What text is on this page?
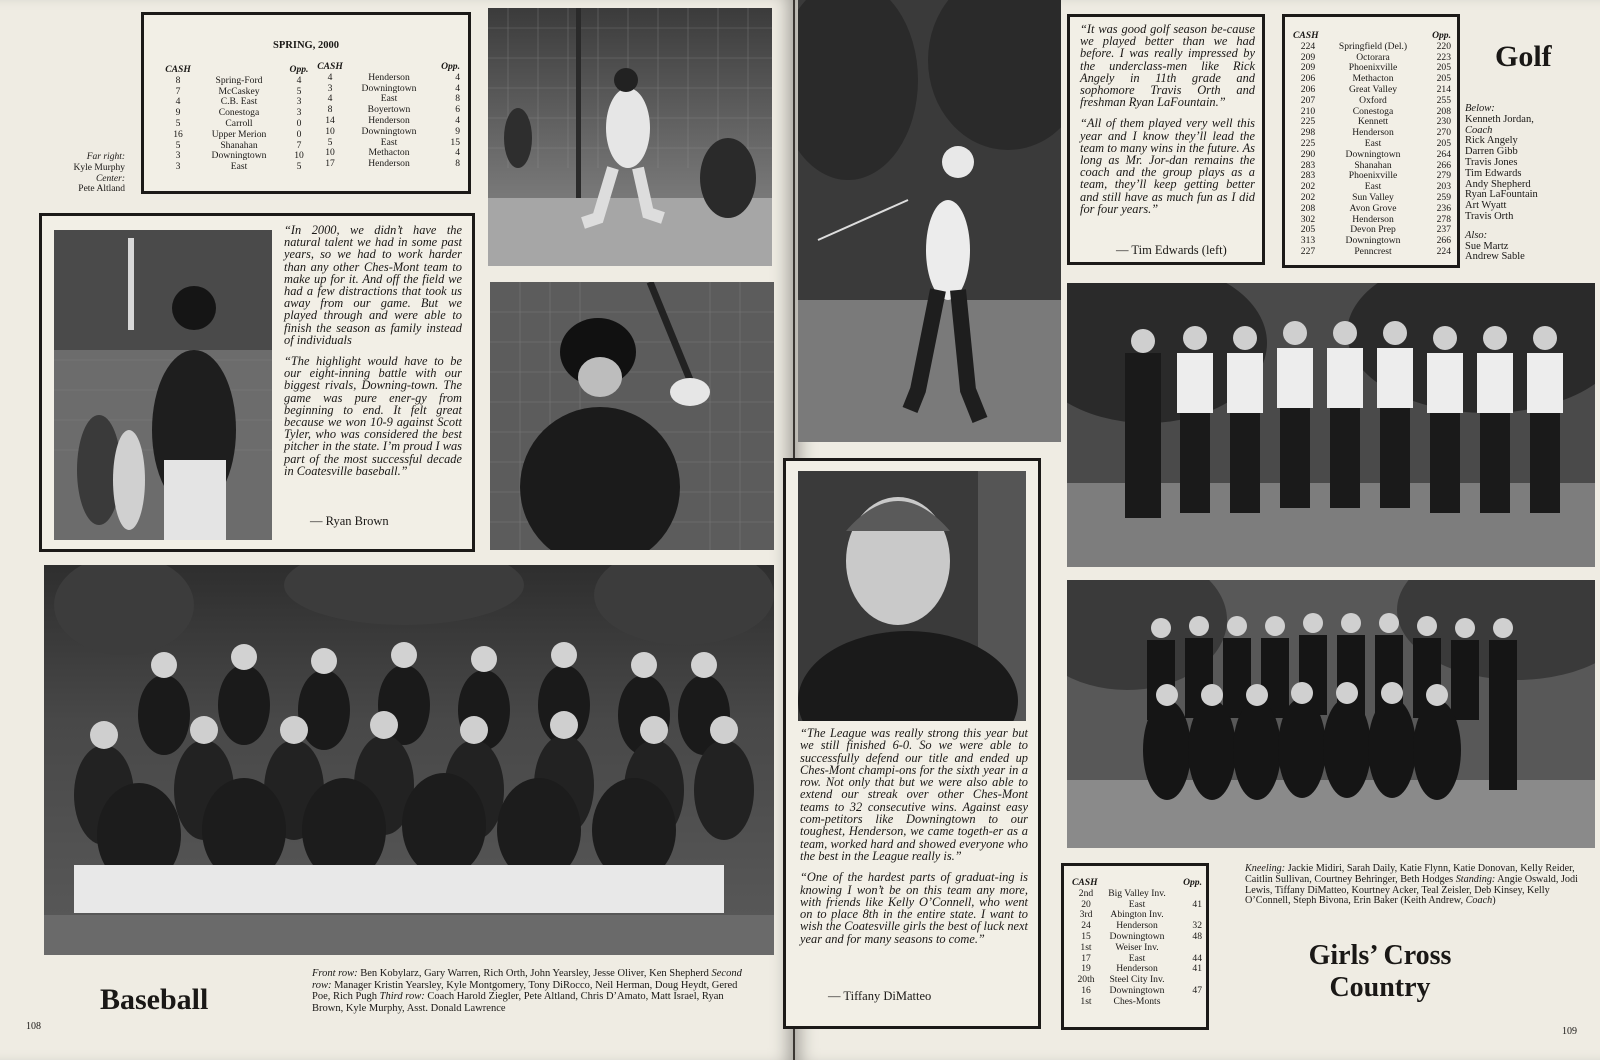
SPRING, 2000
CASH	Opp.
8	Spring-Ford	4
7	McCaskey	5
4	C.B. East	3
9	Conestoga	3
5	Carroll	0
16	Upper Merion	0
5	Shanahan	7
3	Downingtown	10
3	East	5
CASH	Opp.
4	Henderson	4
3	Downingtown	4
4	East	8
8	Boyertown	6
14	Henderson	4
10	Downingtown	9
5	East	15
10	Methacton	4
17	Henderson	8
Far right:
Kyle Murphy
Center:
Pete Altland

“In 2000, we didn’t have the natural talent we had in some past years, so we had to work harder than any other Ches-Mont team to make up for it. And off the field we had a few distractions that took us away from our game. But we played through and were able to finish the season as family instead of individuals

“The highlight would have to be our eight-inning battle with our biggest rivals, Downing-town. The game was pure ener-gy from beginning to end. It felt great because we won 10-9 against Scott Tyler, who was considered the best pitcher in the state. I’m proud I was part of the most successful decade in Coatesville baseball.”

— Ryan Brown
Baseball
Front row: Ben Kobylarz, Gary Warren, Rich Orth, John Yearsley, Jesse Oliver, Ken Shepherd Second row: Manager Kristin Yearsley, Kyle Montgomery, Tony DiRocco, Neil Herman, Doug Heydt, Gered Poe, Rich Pugh Third row: Coach Harold Ziegler, Pete Altland, Chris D’Amato, Matt Israel, Ryan Brown, Kyle Murphy, Asst. Donald Lawrence
108

“It was good golf season be-cause we played better than we had before. I was really impressed by the underclass-men like Rick Angely in 11th grade and sophomore Travis Orth and freshman Ryan LaFountain.”

“All of them played very well this year and I know they’ll lead the team to many wins in the future. As long as Mr. Jor-dan remains the coach and the group plays as a team, they’ll keep getting better and still have as much fun as I did for four years.”

— Tim Edwards (left)
CASH	Opp.
224	Springfield (Del.)	220
209	Octorara	223
209	Phoenixville	205
206	Methacton	205
206	Great Valley	214
207	Oxford	255
210	Conestoga	208
225	Kennett	230
298	Henderson	270
225	East	205
290	Downingtown	264
283	Shanahan	266
283	Phoenixville	279
202	East	203
202	Sun Valley	259
208	Avon Grove	236
302	Henderson	278
205	Devon Prep	237
313	Downingtown	266
227	Penncrest	224
Golf
Below:
Kenneth Jordan,
Coach
Rick Angely
Darren Gibb
Travis Jones
Tim Edwards
Andy Shepherd
Ryan LaFountain
Art Wyatt
Travis Orth
Also:
Sue Martz
Andrew Sable

“The League was really strong this year but we still finished 6-0. So we were able to successfully defend our title and ended up Ches-Mont champi-ons for the sixth year in a row. Not only that but we were also able to extend our streak over other Ches-Mont teams to 32 consecutive wins. Against easy com-petitors like Downingtown to our toughest, Henderson, we came togeth-er as a team, worked hard and showed everyone who the best in the League really is.”

“One of the hardest parts of graduat-ing is knowing I won’t be on this team any more, with friends like Kelly O’Connell, who went on to place 8th in the entire state. I want to wish the Coatesville girls the best of luck next year and for many seasons to come.”

— Tiffany DiMatteo
CASH	Opp.
2nd	Big Valley Inv.
20	East	41
3rd	Abington Inv.
24	Henderson	32
15	Downingtown	48
1st	Weiser Inv.
17	East	44
19	Henderson	41
20th	Steel City Inv.
16	Downingtown	47
1st	Ches-Monts
Kneeling: Jackie Midiri, Sarah Daily, Katie Flynn, Katie Donovan, Kelly Reider, Caitlin Sullivan, Courtney Behringer, Beth Hodges Standing: Angie Oswald, Jodi Lewis, Tiffany DiMatteo, Kourtney Acker, Teal Zeisler, Deb Kinsey, Kelly O’Connell, Steph Bivona, Erin Baker (Keith Andrew, Coach)
Girls’ Cross
Country
109
